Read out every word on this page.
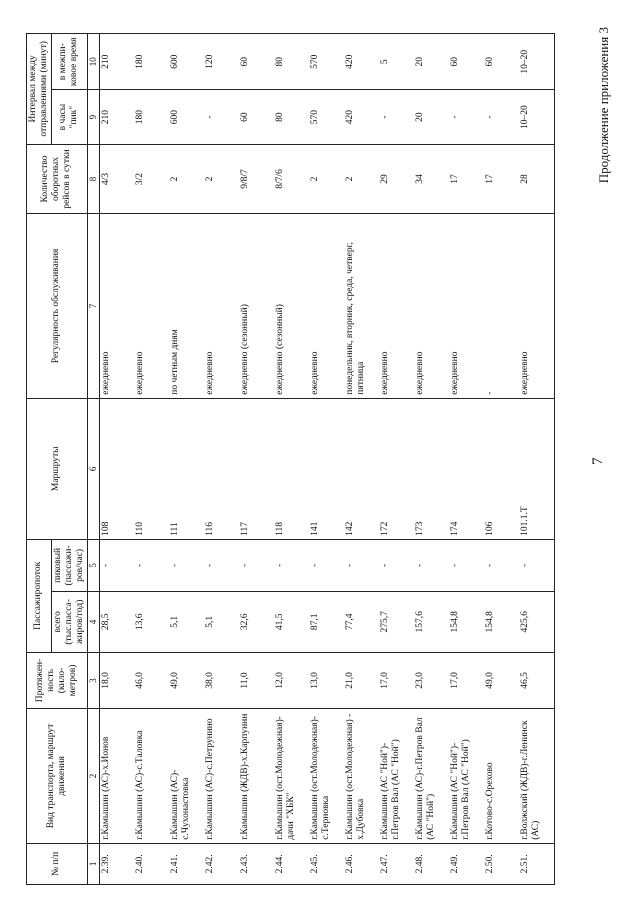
7
Продолжение приложения 3
№ п/п	Вид транспорта, маршрут движения	Протяжен-ность (кило-метров)	Пассажиропоток		Маршруты	Регулярность обслуживания	Количество оборотных рейсов в сутки	Интервал между отправлениями (минут)	
			всего (тыс.пасса-жиров/год)	пиковый (пассажи-ров/час)				в часы "пик"	в межпи-ковое время

1	2	3	4	5	6	7	8	9	10
2.39.	г.Камышин (АС)-х.Ионов	18,0	28,5	-	108	ежедневно	4/3	210	210
2.40.	г.Камышин (АС)-с.Таловка	46,0	13,6	-	110	ежедневно	3/2	180	180
2.41.	г.Камышин (АС)-с.Чухонастовка	49,0	5,1	-	111	по четным дням	2	600	600
2.42.	г.Камышин (АС)-с.Петрунино	38,0	5,1	-	116	ежедневно	2	-	120
2.43.	г.Камышин (ЖДВ)-х.Карпунин	11,0	32,6	-	117	ежедневно (сезонный)	9/8/7	60	60
2.44.	г.Камышин (ост.Молодежная)-дачи "ХБК"	12,0	41,5	-	118	ежедневно (сезонный)	8/7/6	80	80
2.45.	г.Камышин (ост.Молодежная)-с.Терновка	13,0	87,1	-	141	ежедневно	2	570	570
2.46.	г.Камышин (ост.Молодежная) - х.Дубовка	21,0	77,4	-	142	понедельник, вторник, среда, четверг, пятница	2	420	420
2.47.	г.Камышин (АС "Ной")-г.Петров Вал (АС "Ной")	17,0	275,7	-	172	ежедневно	29	-	5
2.48.	г.Камышин (АС)-г.Петров Вал (АС "Ной")	23,0	157,6	-	173	ежедневно	34	20	20
2.49.	г.Камышин (АС "Ной")-г.Петров Вал (АС "Ной")	17,0	154,8	-	174	ежедневно	17	-	60
2.50.	г.Котово-с.Орехово	49,0	154,8	-	106	-	17	-	60
2.51.	г.Волжский (ЖДВ)-г.Ленинск (АС)	46,5	425,6	-	101.1.Т	ежедневно	28	10–20	10–20
